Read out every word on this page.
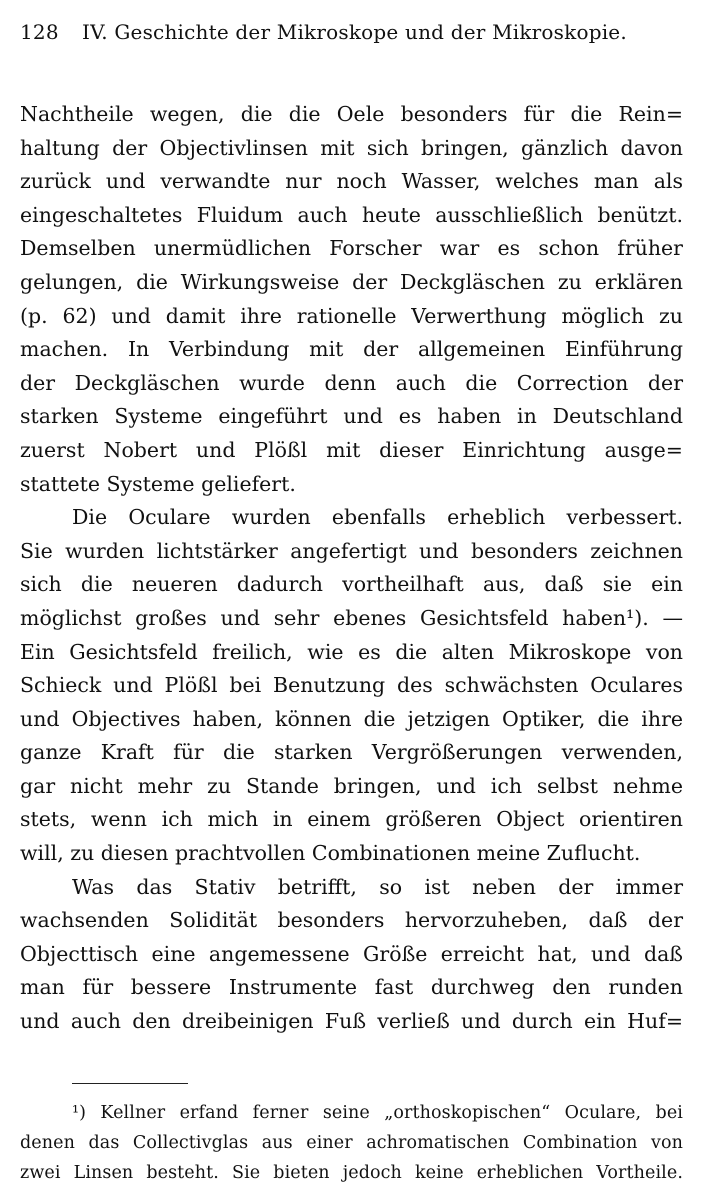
128	IV. Geschichte der Mikroskope und der Mikroskopie.
Nachtheile wegen, die die Oele besonders für die Rein=
haltung der Objectivlinsen mit sich bringen, gänzlich davon
zurück und verwandte nur noch Wasser, welches man als
eingeschaltetes Fluidum auch heute ausschließlich benützt.
Demselben unermüdlichen Forscher war es schon früher
gelungen, die Wirkungsweise der Deckgläschen zu erklären
(p. 62) und damit ihre rationelle Verwerthung möglich zu
machen. In Verbindung mit der allgemeinen Einführung
der Deckgläschen wurde denn auch die Correction der
starken Systeme eingeführt und es haben in Deutschland
zuerst Nobert und Plößl mit dieser Einrichtung ausge=
stattete Systeme geliefert.
Die Oculare wurden ebenfalls erheblich verbessert.
Sie wurden lichtstärker angefertigt und besonders zeichnen
sich die neueren dadurch vortheilhaft aus, daß sie ein
möglichst großes und sehr ebenes Gesichtsfeld haben¹). —
Ein Gesichtsfeld freilich, wie es die alten Mikroskope von
Schieck und Plößl bei Benutzung des schwächsten Oculares
und Objectives haben, können die jetzigen Optiker, die ihre
ganze Kraft für die starken Vergrößerungen verwenden,
gar nicht mehr zu Stande bringen, und ich selbst nehme
stets, wenn ich mich in einem größeren Object orientiren
will, zu diesen prachtvollen Combinationen meine Zuflucht.
Was das Stativ betrifft, so ist neben der immer
wachsenden Solidität besonders hervorzuheben, daß der
Objecttisch eine angemessene Größe erreicht hat, und daß
man für bessere Instrumente fast durchweg den runden
und auch den dreibeinigen Fuß verließ und durch ein Huf=
¹) Kellner erfand ferner seine „orthoskopischen“ Oculare, bei
denen das Collectivglas aus einer achromatischen Combination von
zwei Linsen besteht. Sie bieten jedoch keine erheblichen Vortheile.
